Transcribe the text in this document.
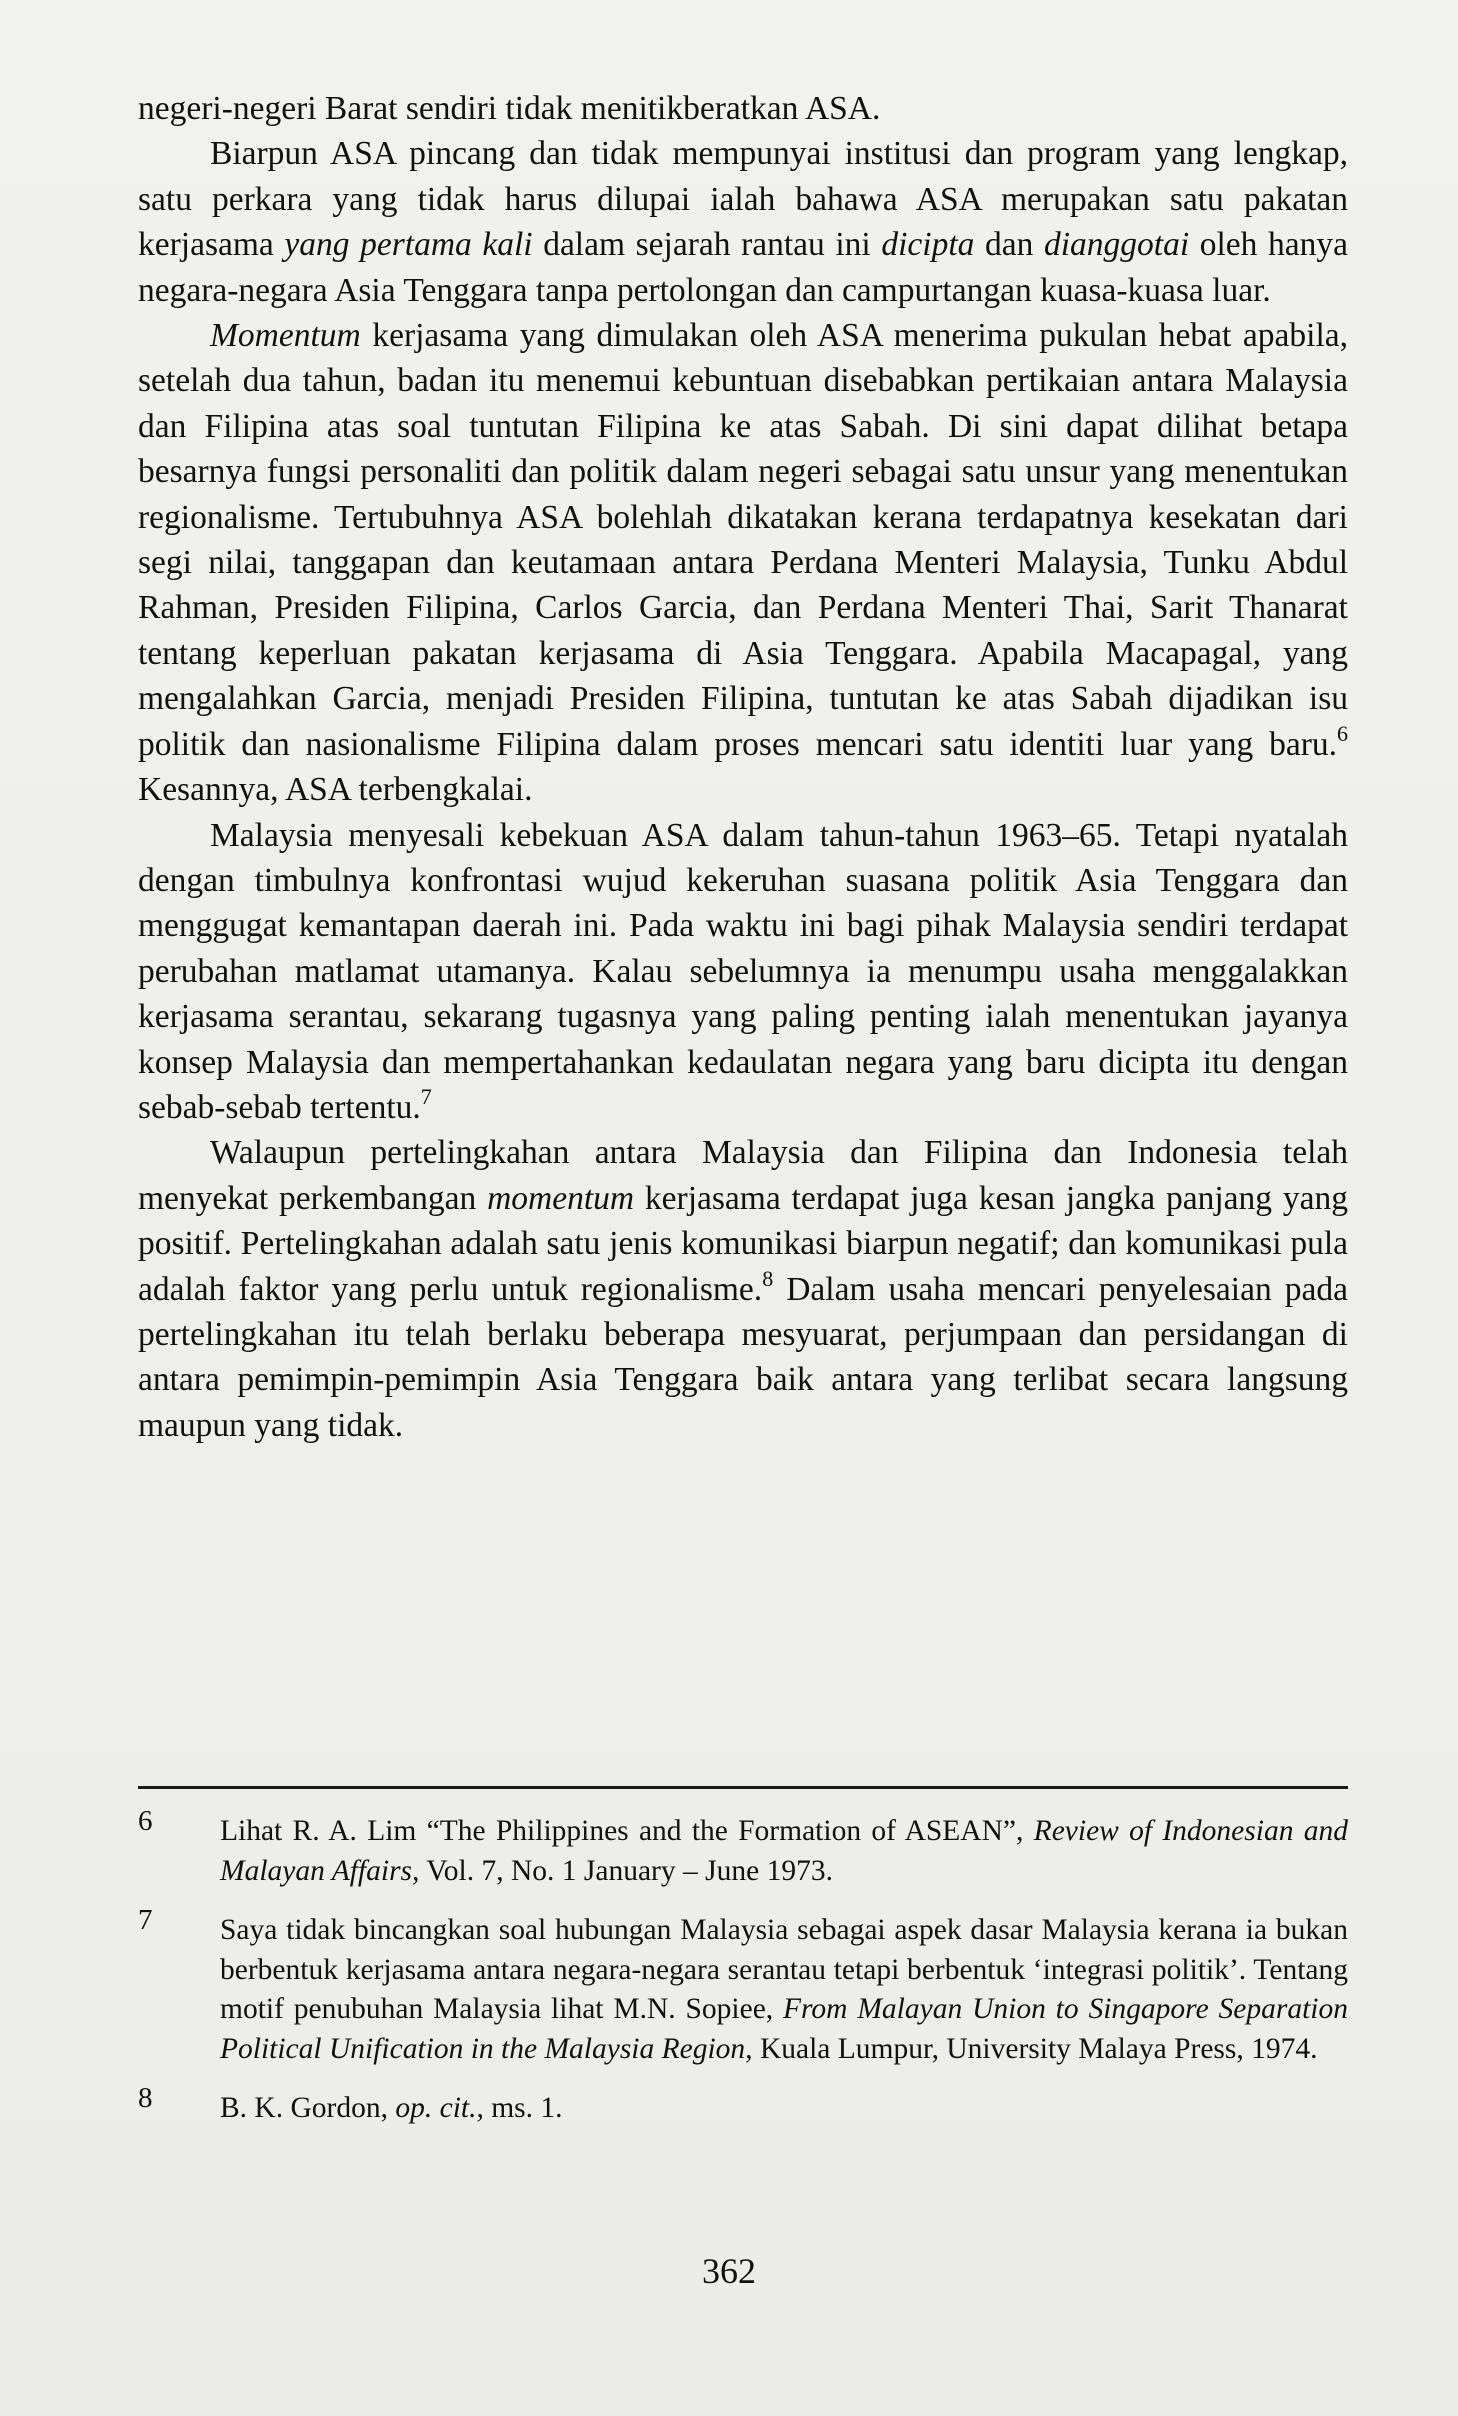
negeri-negeri Barat sendiri tidak menitikberatkan ASA.

Biarpun ASA pincang dan tidak mempunyai institusi dan program yang lengkap, satu perkara yang tidak harus dilupai ialah bahawa ASA merupakan satu pakatan kerjasama yang pertama kali dalam sejarah rantau ini dicipta dan dianggotai oleh hanya negara-negara Asia Tenggara tanpa pertolongan dan campurtangan kuasa-kuasa luar.

Momentum kerjasama yang dimulakan oleh ASA menerima pukulan hebat apabila, setelah dua tahun, badan itu menemui kebuntuan disebabkan pertikaian antara Malaysia dan Filipina atas soal tuntutan Filipina ke atas Sabah. Di sini dapat dilihat betapa besarnya fungsi personaliti dan politik dalam negeri sebagai satu unsur yang menentukan regionalisme. Tertubuhnya ASA bolehlah dikatakan kerana terdapatnya kesekatan dari segi nilai, tanggapan dan keutamaan antara Perdana Menteri Malaysia, Tunku Abdul Rahman, Presiden Filipina, Carlos Garcia, dan Perdana Menteri Thai, Sarit Thanarat tentang keperluan pakatan kerjasama di Asia Tenggara. Apabila Macapagal, yang mengalahkan Garcia, menjadi Presiden Filipina, tuntutan ke atas Sabah dijadikan isu politik dan nasionalisme Filipina dalam proses mencari satu identiti luar yang baru.$^6$ Kesannya, ASA terbengkalai.

Malaysia menyesali kebekuan ASA dalam tahun-tahun 1963–65. Tetapi nyatalah dengan timbulnya konfrontasi wujud kekeruhan suasana politik Asia Tenggara dan menggugat kemantapan daerah ini. Pada waktu ini bagi pihak Malaysia sendiri terdapat perubahan matlamat utamanya. Kalau sebelumnya ia menumpu usaha menggalakkan kerjasama serantau, sekarang tugasnya yang paling penting ialah menentukan jayanya konsep Malaysia dan mempertahankan kedaulatan negara yang baru dicipta itu dengan sebab-sebab tertentu.$^7$

Walaupun pertelingkahan antara Malaysia dan Filipina dan Indonesia telah menyekat perkembangan momentum kerjasama terdapat juga kesan jangka panjang yang positif. Pertelingkahan adalah satu jenis komunikasi biarpun negatif; dan komunikasi pula adalah faktor yang perlu untuk regionalisme.$^8$ Dalam usaha mencari penyelesaian pada pertelingkahan itu telah berlaku beberapa mesyuarat, perjumpaan dan persidangan di antara pemimpin-pemimpin Asia Tenggara baik antara yang terlibat secara langsung maupun yang tidak.

6 Lihat R. A. Lim “The Philippines and the Formation of ASEAN”, Review of Indonesian and Malayan Affairs, Vol. 7, No. 1 January – June 1973.
7 Saya tidak bincangkan soal hubungan Malaysia sebagai aspek dasar Malaysia kerana ia bukan berbentuk kerjasama antara negara-negara serantau tetapi berbentuk ‘integrasi politik’. Tentang motif penubuhan Malaysia lihat M.N. Sopiee, From Malayan Union to Singapore Separation Political Unification in the Malaysia Region, Kuala Lumpur, University Malaya Press, 1974.
8 B. K. Gordon, op. cit., ms. 1.
362
